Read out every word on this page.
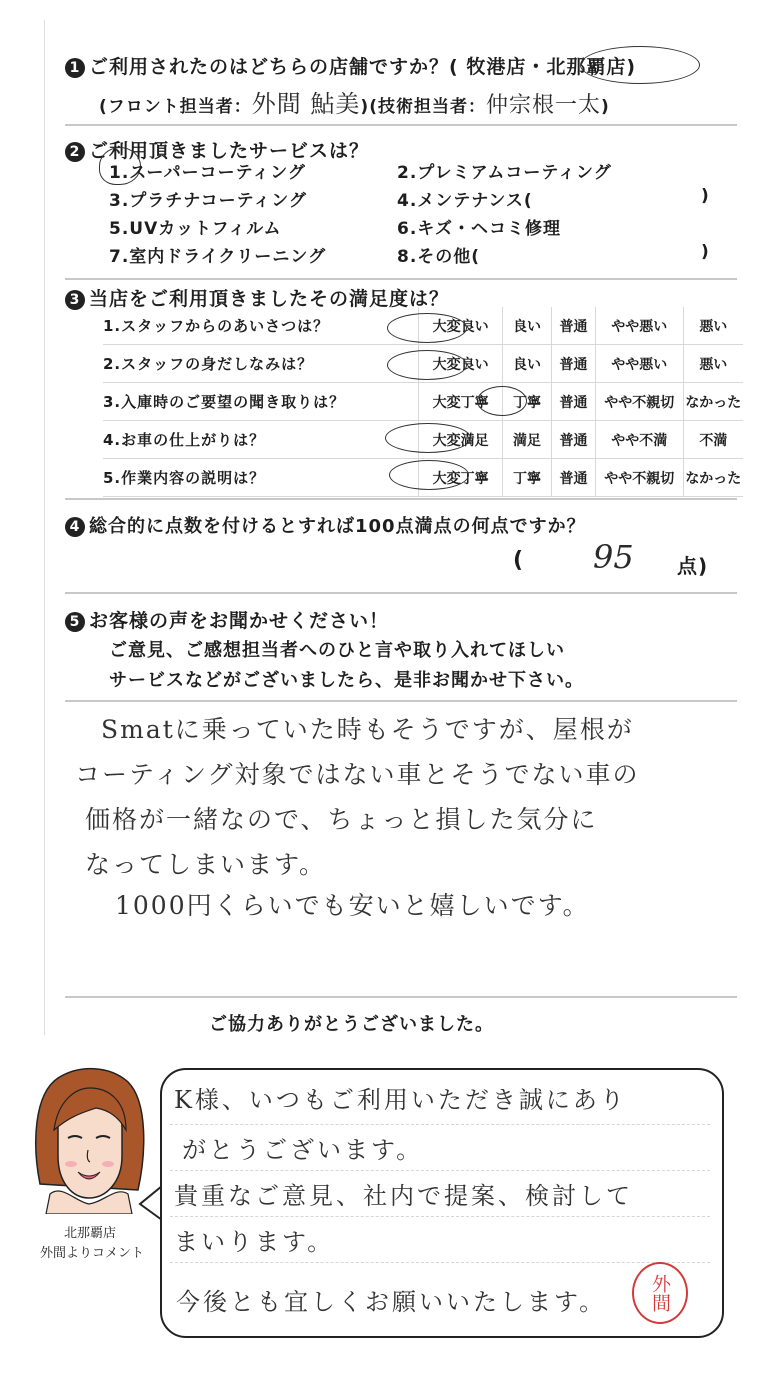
1 ご利用されたのはどちらの店舗ですか？( 牧港店・北那覇店)
(フロント担当者：外間 鮎美)(技術担当者：仲宗根一太)
2 ご利用頂きましたサービスは？
1.スーパーコーティング	2.プレミアムコーティング
3.プラチナコーティング	4.メンテナンス(	)
5.UVカットフィルム	6.キズ・ヘコミ修理
7.室内ドライクリーニング	8.その他(	)
3 当店をご利用頂きましたその満足度は？
1.スタッフからのあいさつは？	大変良い	良い	普通	やや悪い	悪い
2.スタッフの身だしなみは？	大変良い	良い	普通	やや悪い	悪い
3.入庫時のご要望の聞き取りは？	大変丁寧	丁寧	普通	やや不親切	なかった
4.お車の仕上がりは？	大変満足	満足	普通	やや不満	不満
5.作業内容の説明は？	大変丁寧	丁寧	普通	やや不親切	なかった
4 総合的に点数を付けるとすれば100点満点の何点ですか？
( 95 点)
5 お客様の声をお聞かせください！
ご意見、ご感想担当者へのひと言や取り入れてほしい
サービスなどがございましたら、是非お聞かせ下さい。
Smatに乗っていた時もそうですが、屋根が
コーティング対象ではない車とそうでない車の
価格が一緒なので、ちょっと損した気分に
なってしまいます。
1000円くらいでも安いと嬉しいです。
ご協力ありがとうございました。
北那覇店
外間よりコメント
K様、いつもご利用いただき誠にあり
がとうございます。
貴重なご意見、社内で提案、検討して
まいります。
今後とも宜しくお願いいたします。	外間
